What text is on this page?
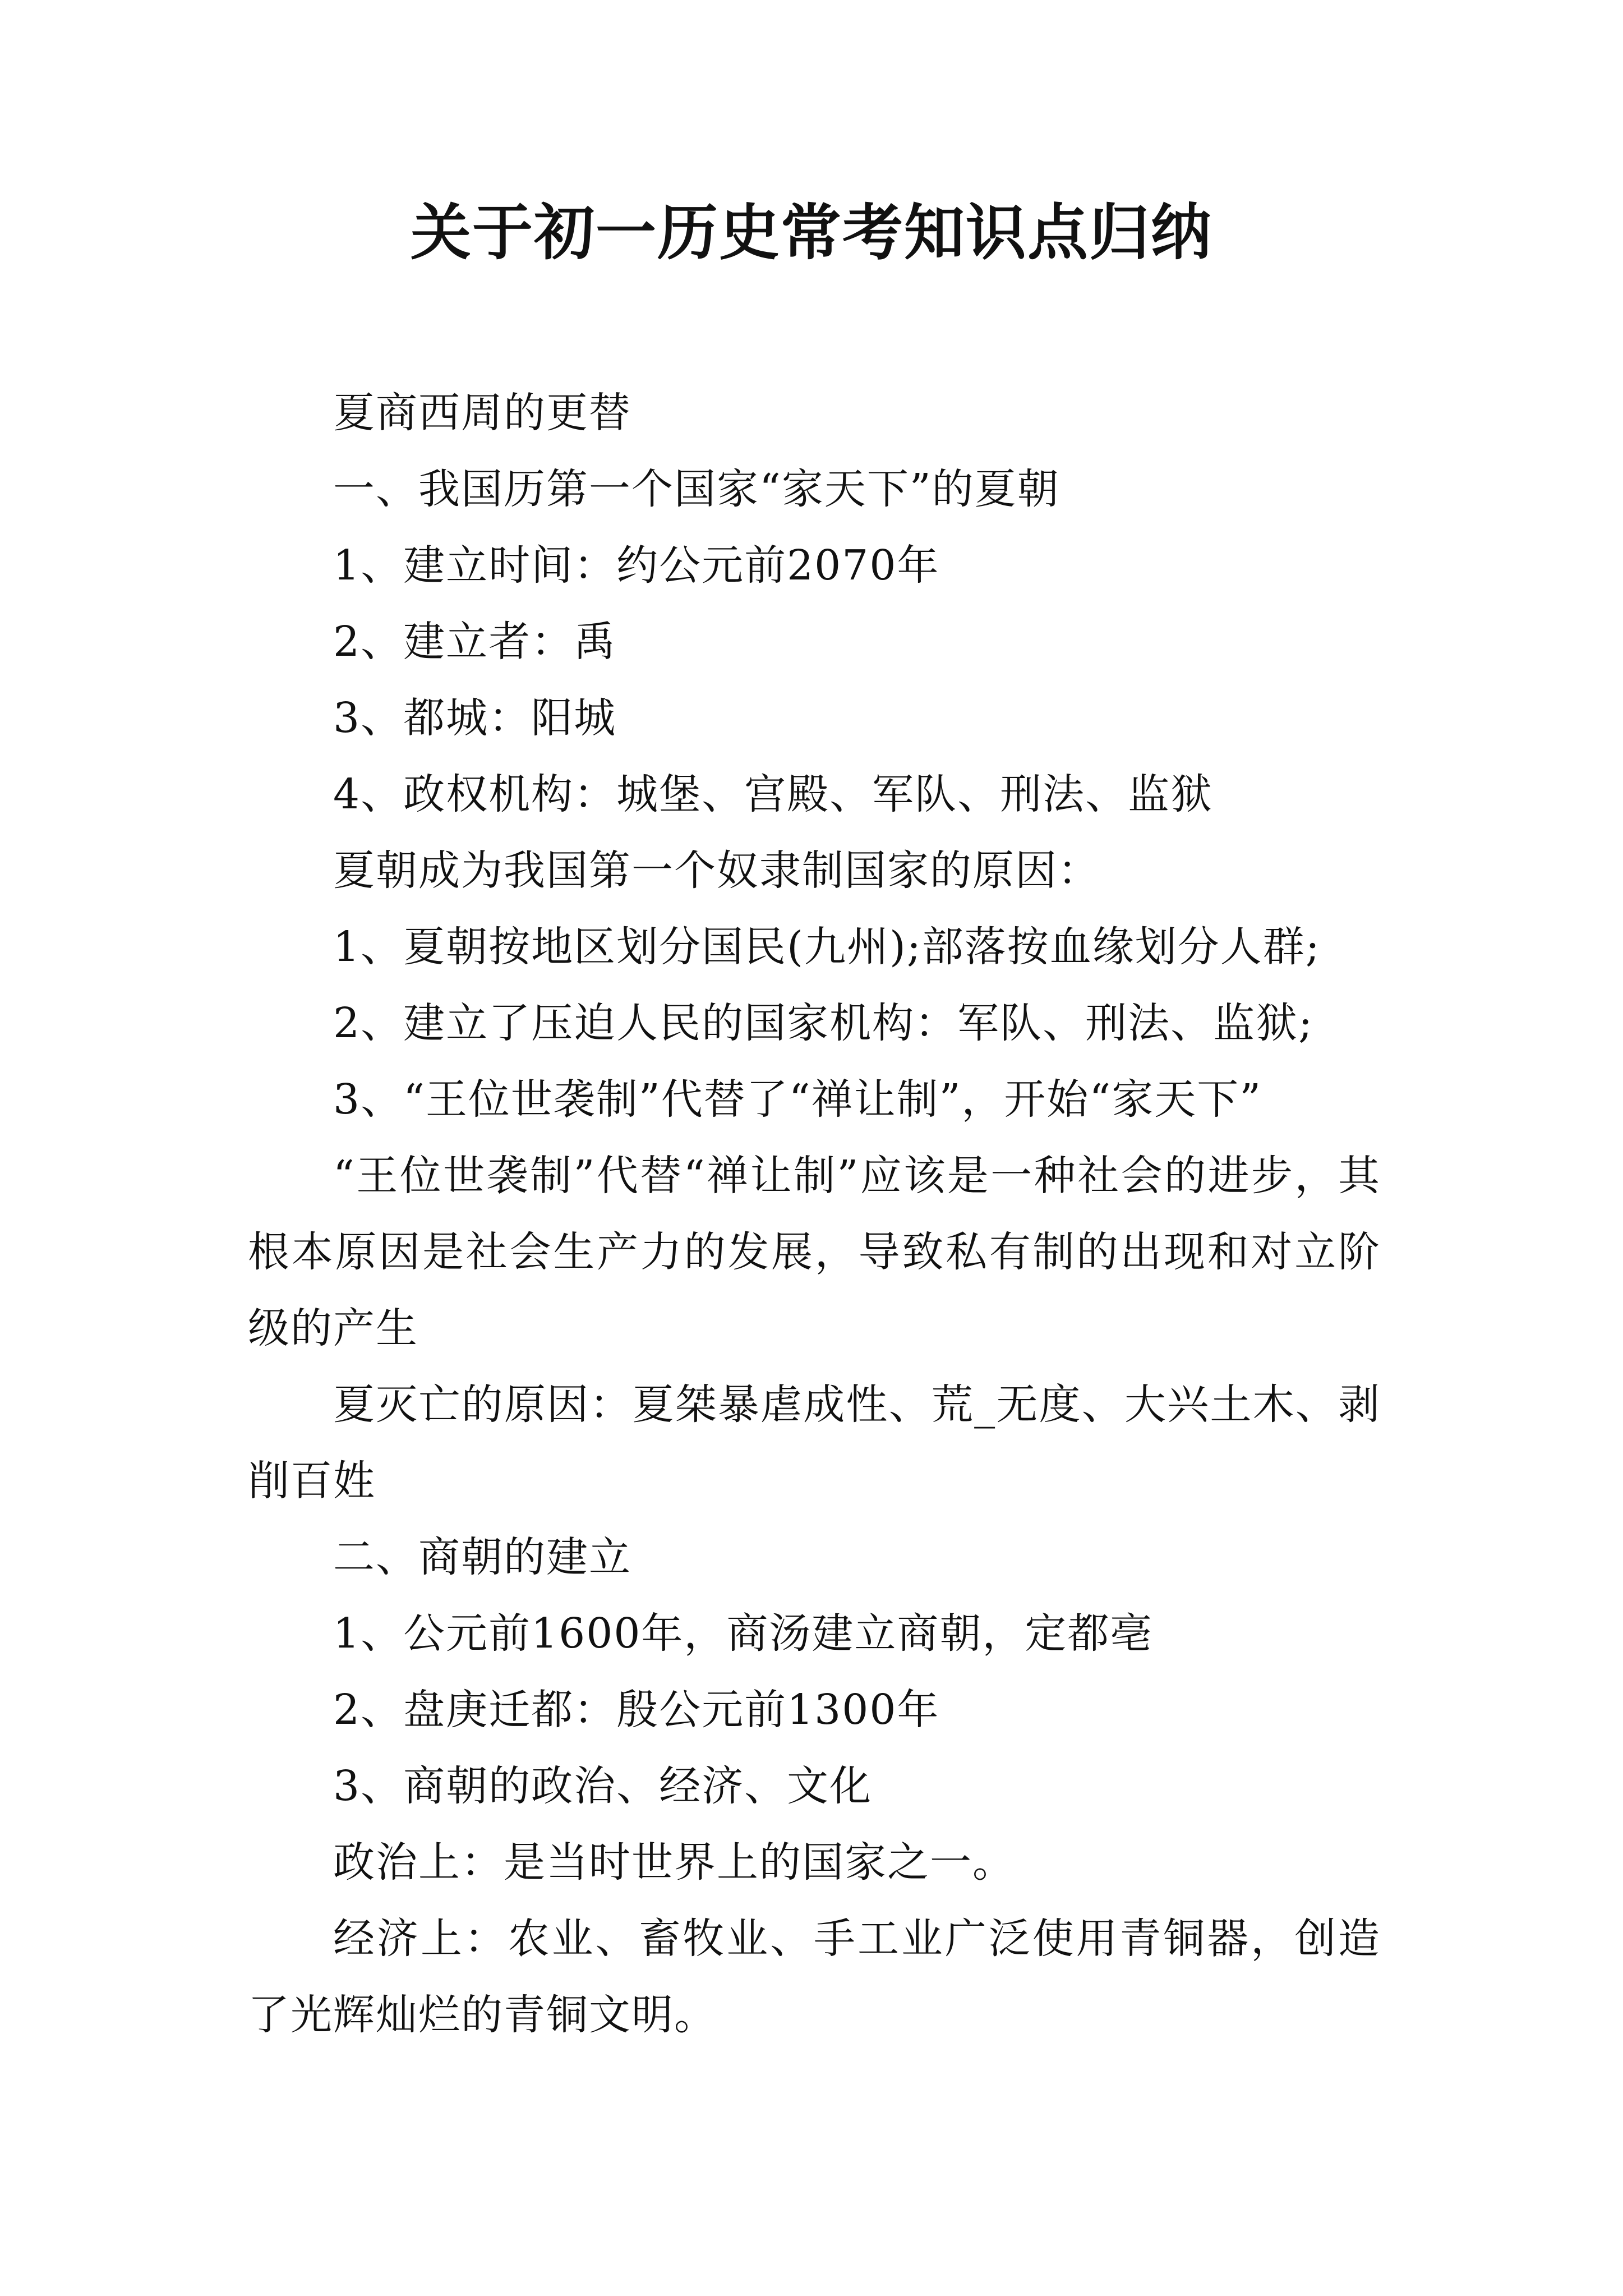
关于初一历史常考知识点归纳

夏商西周的更替

一、我国历第一个国家“家天下”的夏朝

1、建立时间：约公元前2070年

2、建立者：禹

3、都城：阳城

4、政权机构：城堡、宫殿、军队、刑法、监狱

夏朝成为我国第一个奴隶制国家的原因：

1、夏朝按地区划分国民(九州);部落按血缘划分人群;

2、建立了压迫人民的国家机构：军队、刑法、监狱;

3、“王位世袭制”代替了“禅让制”，开始“家天下”

“王位世袭制”代替“禅让制”应该是一种社会的进步，其根本原因是社会生产力的发展，导致私有制的出现和对立阶级的产生

夏灭亡的原因：夏桀暴虐成性、荒_无度、大兴土木、剥削百姓

二、商朝的建立

1、公元前1600年，商汤建立商朝，定都亳

2、盘庚迁都：殷公元前1300年

3、商朝的政治、经济、文化

政治上：是当时世界上的国家之一。

经济上：农业、畜牧业、手工业广泛使用青铜器，创造了光辉灿烂的青铜文明。
